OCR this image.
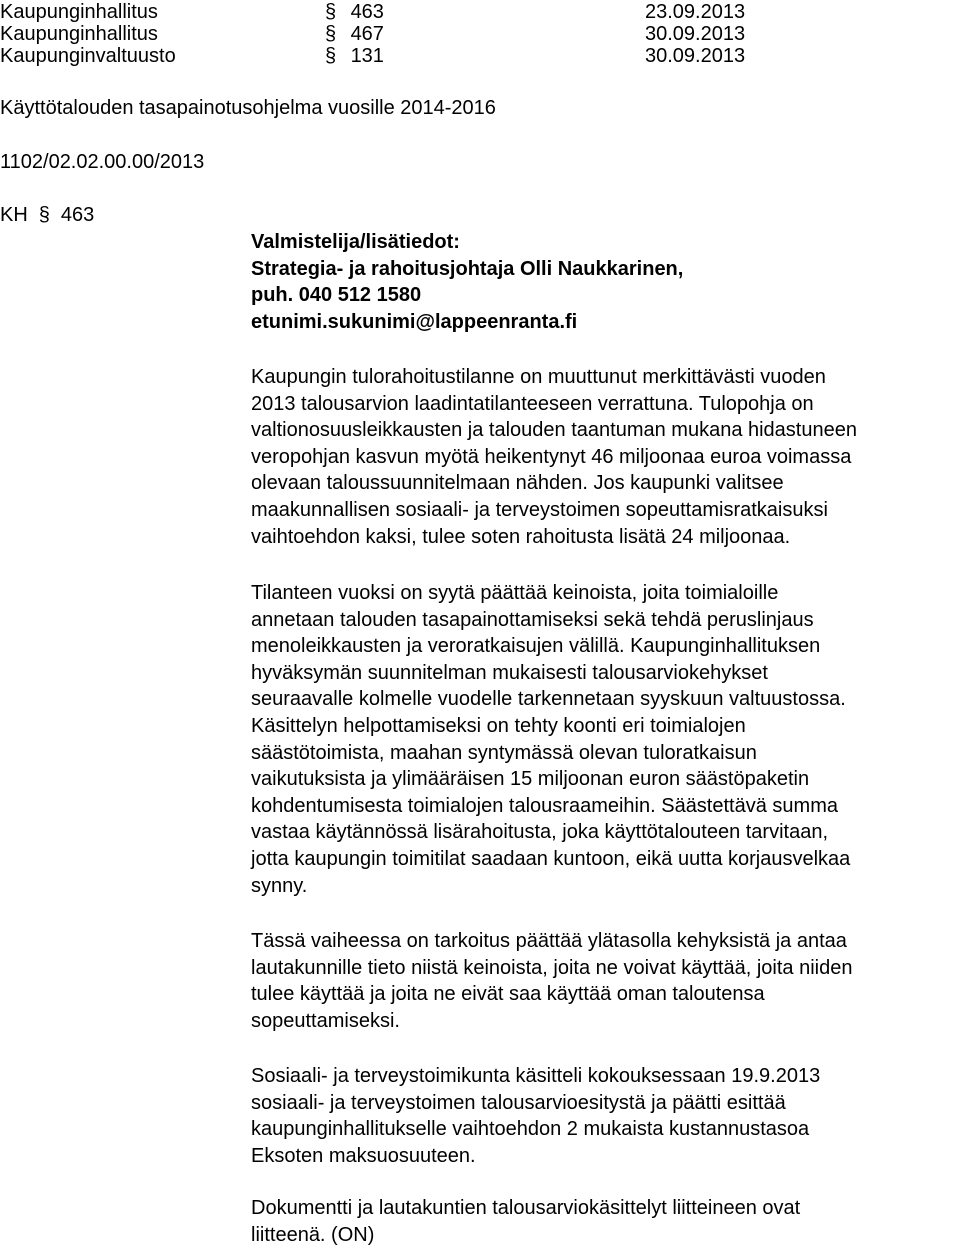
Kaupunginhallitus	§ 463	23.09.2013
Kaupunginhallitus	§ 467	30.09.2013
Kaupunginvaltuusto	§ 131	30.09.2013
Käyttötalouden tasapainotusohjelma vuosille 2014-2016
1102/02.02.00.00/2013
KH § 463
Valmistelija/lisätiedot:
Strategia- ja rahoitusjohtaja Olli Naukkarinen,
puh. 040 512 1580
etunimi.sukunimi@lappeenranta.fi
Kaupungin tulorahoitustilanne on muuttunut merkittävästi vuoden
2013 talousarvion laadintatilanteeseen verrattuna. Tulopohja on
valtionosuusleikkausten ja talouden taantuman mukana hidastuneen
veropohjan kasvun myötä heikentynyt 46 miljoonaa euroa voimassa
olevaan taloussuunnitelmaan nähden. Jos kaupunki valitsee
maakunnallisen sosiaali- ja terveystoimen sopeuttamisratkaisuksi
vaihtoehdon kaksi, tulee soten rahoitusta lisätä 24 miljoonaa.
Tilanteen vuoksi on syytä päättää keinoista, joita toimialoille
annetaan talouden tasapainottamiseksi sekä tehdä peruslinjaus
menoleikkausten ja veroratkaisujen välillä. Kaupunginhallituksen
hyväksymän suunnitelman mukaisesti talousarviokehykset
seuraavalle kolmelle vuodelle tarkennetaan syyskuun valtuustossa.
Käsittelyn helpottamiseksi on tehty koonti eri toimialojen
säästötoimista, maahan syntymässä olevan tuloratkaisun
vaikutuksista ja ylimääräisen 15 miljoonan euron säästöpaketin
kohdentumisesta toimialojen talousraameihin. Säästettävä summa
vastaa käytännössä lisärahoitusta, joka käyttötalouteen tarvitaan,
jotta kaupungin toimitilat saadaan kuntoon, eikä uutta korjausvelkaa
synny.
Tässä vaiheessa on tarkoitus päättää ylätasolla kehyksistä ja antaa
lautakunnille tieto niistä keinoista, joita ne voivat käyttää, joita niiden
tulee käyttää ja joita ne eivät saa käyttää oman taloutensa
sopeuttamiseksi.
Sosiaali- ja terveystoimikunta käsitteli kokouksessaan 19.9.2013
sosiaali- ja terveystoimen talousarvioesitystä ja päätti esittää
kaupunginhallitukselle vaihtoehdon 2 mukaista kustannustasoa
Eksoten maksuosuuteen.
Dokumentti ja lautakuntien talousarviokäsittelyt liitteineen ovat
liitteenä. (ON)
